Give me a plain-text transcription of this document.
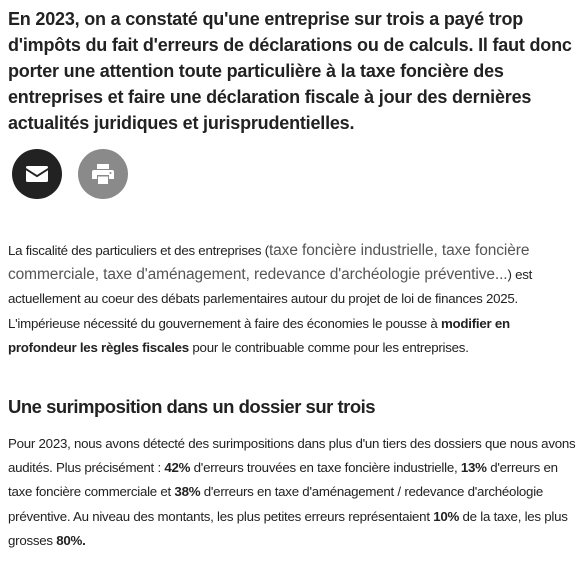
En 2023, on a constaté qu'une entreprise sur trois a payé trop d'impôts du fait d'erreurs de déclarations ou de calculs. Il faut donc porter une attention toute particulière à la taxe foncière des entreprises et faire une déclaration fiscale à jour des dernières actualités juridiques et jurisprudentielles.

La fiscalité des particuliers et des entreprises (taxe foncière industrielle, taxe foncière commerciale, taxe d'aménagement, redevance d'archéologie préventive...) est actuellement au coeur des débats parlementaires autour du projet de loi de finances 2025. L'impérieuse nécessité du gouvernement à faire des économies le pousse à modifier en profondeur les règles fiscales pour le contribuable comme pour les entreprises.

Une surimposition dans un dossier sur trois

Pour 2023, nous avons détecté des surimpositions dans plus d'un tiers des dossiers que nous avons audités. Plus précisément : 42% d'erreurs trouvées en taxe foncière industrielle, 13% d'erreurs en taxe foncière commerciale et 38% d'erreurs en taxe d'aménagement / redevance d'archéologie préventive. Au niveau des montants, les plus petites erreurs représentaient 10% de la taxe, les plus grosses 80%.
